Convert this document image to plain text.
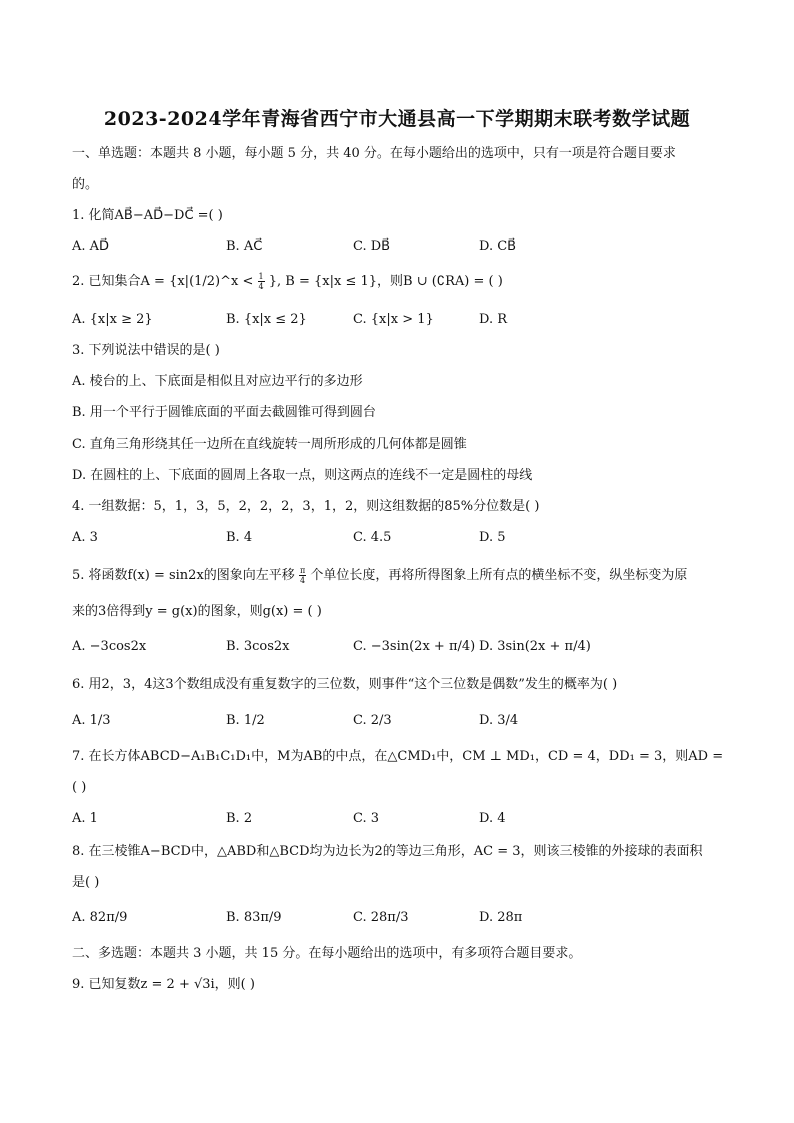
2023-2024学年青海省西宁市大通县高一下学期期末联考数学试题
一、单选题：本题共 8 小题，每小题 5 分，共 40 分。在每小题给出的选项中，只有一项是符合题目要求
的。
1. 化简AB⃗−AD⃗−DC⃗ =( )
A. AD⃗	B. AC⃗	C. DB⃗	D. CB⃗
2. 已知集合A = {x|(1/2)^x < $\frac{1}{4}$ }, B = {x|x ≤ 1}，则B ∪ (∁RA) = ( )
A. {x|x ≥ 2}	B. {x|x ≤ 2}	C. {x|x > 1}	D. R
3. 下列说法中错误的是( )
A. 棱台的上、下底面是相似且对应边平行的多边形
B. 用一个平行于圆锥底面的平面去截圆锥可得到圆台
C. 直角三角形绕其任一边所在直线旋转一周所形成的几何体都是圆锥
D. 在圆柱的上、下底面的圆周上各取一点，则这两点的连线不一定是圆柱的母线
4. 一组数据：5，1，3，5，2，2，2，3，1，2，则这组数据的85%分位数是( )
A. 3	B. 4	C. 4.5	D. 5
5. 将函数f(x) = sin2x的图象向左平移 $\frac{\pi}{4}$ 个单位长度，再将所得图象上所有点的横坐标不变，纵坐标变为原
来的3倍得到y = g(x)的图象，则g(x) = ( )
A. −3cos2x	B. 3cos2x	C. −3sin(2x + π/4) D. 3sin(2x + π/4)
6. 用2，3，4这3个数组成没有重复数字的三位数，则事件“这个三位数是偶数”发生的概率为( )
A. 1/3	B. 1/2	C. 2/3	D. 3/4
7. 在长方体ABCD−A₁B₁C₁D₁中，M为AB的中点，在△CMD₁中，CM ⊥ MD₁，CD = 4，DD₁ = 3，则AD =
( )
A. 1	B. 2	C. 3	D. 4
8. 在三棱锥A−BCD中，△ABD和△BCD均为边长为2的等边三角形，AC = 3，则该三棱锥的外接球的表面积
是( )
A. 82π/9	B. 83π/9	C. 28π/3	D. 28π
二、多选题：本题共 3 小题，共 15 分。在每小题给出的选项中，有多项符合题目要求。
9. 已知复数z = 2 + √3i，则( )
